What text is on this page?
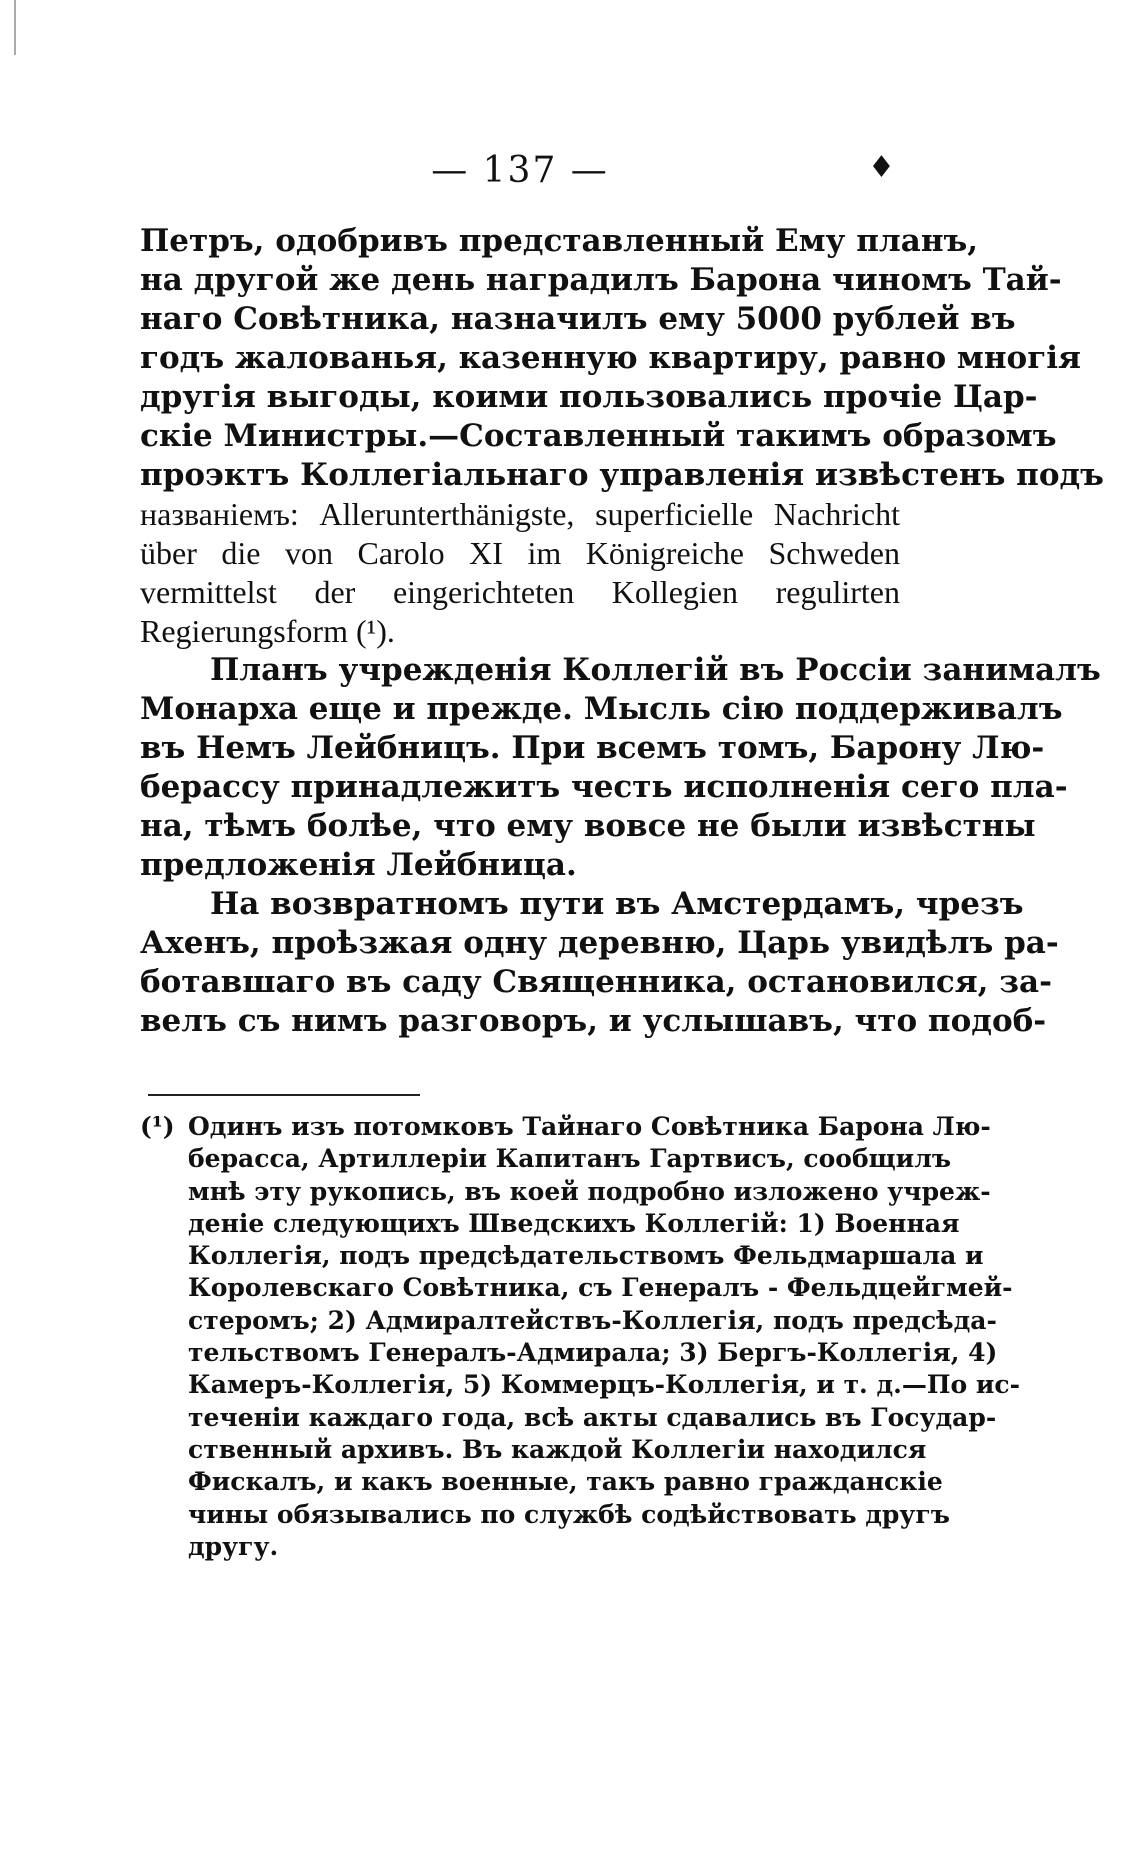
— 137 —	♦
Петръ, одобривъ представленный Ему планъ,
на другой же день наградилъ Барона чиномъ Тай-
наго Совѣтника, назначилъ ему 5000 рублей въ
годъ жалованья, казенную квартиру, равно многія
другія выгоды, коими пользовались прочіе Цар-
скіе Министры.—Составленный такимъ образомъ
проэктъ Коллегіальнаго управленія извѣстенъ подъ
названіемъ: Allerunterthänigste, superficielle Nachricht
über die von Carolo XI im Königreiche Schweden
vermittelst der eingerichteten Kollegien regulirten
Regierungsform (¹).
Планъ учрежденія Коллегій въ Россіи занималъ
Монарха еще и прежде. Мысль сію поддерживалъ
въ Немъ Лейбницъ. При всемъ томъ, Барону Лю-
берассу принадлежитъ честь исполненія сего пла-
на, тѣмъ болѣе, что ему вовсе не были извѣстны
предложенія Лейбница.
На возвратномъ пути въ Амстердамъ, чрезъ
Ахенъ, проѣзжая одну деревню, Царь увидѣлъ ра-
ботавшаго въ саду Священника, остановился, за-
велъ съ нимъ разговоръ, и услышавъ, что подоб-
(¹) Одинъ изъ потомковъ Тайнаго Совѣтника Барона Лю-
берасса, Артиллеріи Капитанъ Гартвисъ, сообщилъ
мнѣ эту рукопись, въ коей подробно изложено учреж-
деніе следующихъ Шведскихъ Коллегій: 1) Военная
Коллегія, подъ предсѣдательствомъ Фельдмаршала и
Королевскаго Совѣтника, съ Генералъ - Фельдцейгмей-
стеромъ; 2) Адмиралтействъ-Коллегія, подъ предсѣда-
тельствомъ Генералъ-Адмирала; 3) Бергъ-Коллегія, 4)
Камеръ-Коллегія, 5) Коммерцъ-Коллегія, и т. д.—По ис-
теченіи каждаго года, всѣ акты сдавались въ Государ-
ственный архивъ. Въ каждой Коллегіи находился
Фискалъ, и какъ военные, такъ равно гражданскіе
чины обязывались по службѣ содѣйствовать другъ
другу.
